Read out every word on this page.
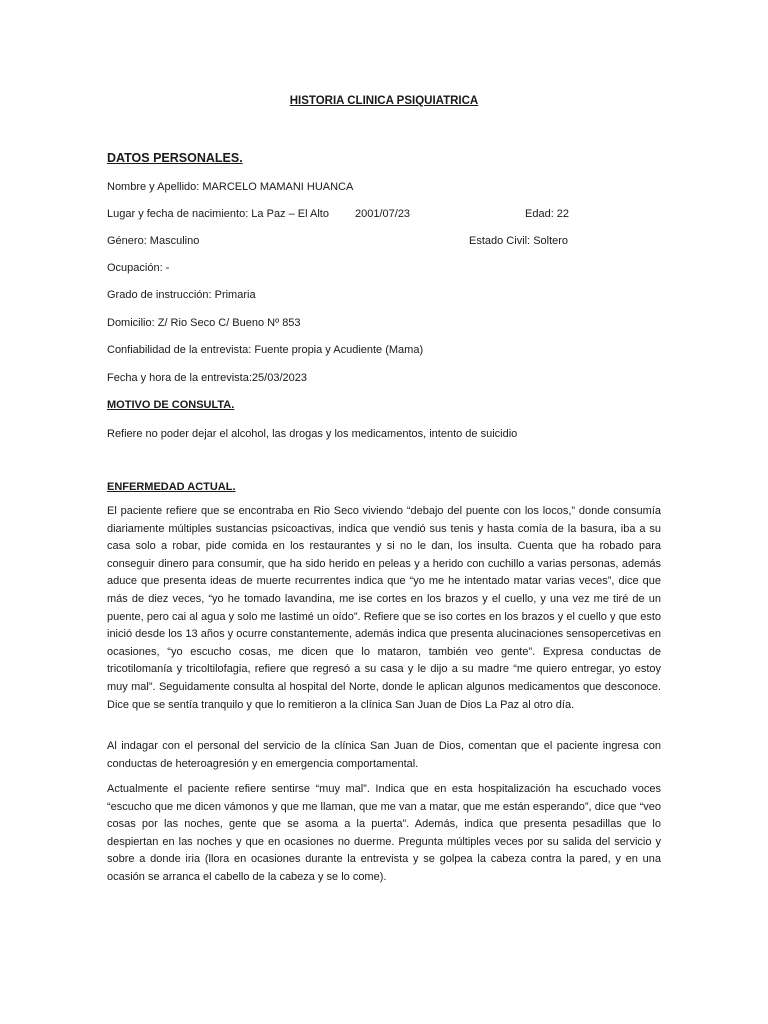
HISTORIA CLINICA PSIQUIATRICA
DATOS PERSONALES.
Nombre y Apellido: MARCELO MAMANI HUANCA
Lugar y fecha de nacimiento: La Paz – El Alto 2001/07/23	Edad: 22
Género: Masculino	Estado Civil: Soltero
Ocupación: -
Grado de instrucción: Primaria
Domicilio: Z/ Rio Seco C/ Bueno Nº 853
Confiabilidad de la entrevista: Fuente propia y Acudiente (Mama)
Fecha y hora de la entrevista:25/03/2023
MOTIVO DE CONSULTA.
Refiere no poder dejar el alcohol, las drogas y los medicamentos, intento de suicidio
ENFERMEDAD ACTUAL.

El paciente refiere que se encontraba en Rio Seco viviendo “debajo del puente con los locos,” donde consumía diariamente múltiples sustancias psicoactivas, indica que vendió sus tenis y hasta comía de la basura, iba a su casa solo a robar, pide comida en los restaurantes y si no le dan, los insulta. Cuenta que ha robado para conseguir dinero para consumir, que ha sido herido en peleas y a herido con cuchillo a varias personas, además aduce que presenta ideas de muerte recurrentes indica que “yo me he intentado matar varias veces”, dice que más de diez veces, “yo he tomado lavandina, me ise cortes en los brazos y el cuello, y una vez me tiré de un puente, pero cai al agua y solo me lastimé un oído”. Refiere que se iso cortes en los brazos y el cuello y que esto inició desde los 13 años y ocurre constantemente, además indica que presenta alucinaciones sensopercetivas en ocasiones, “yo escucho cosas, me dicen que lo mataron, también veo gente”. Expresa conductas de tricotilomanía y tricoltilofagia, refiere que regresó a su casa y le dijo a su madre “me quiero entregar, yo estoy muy mal”. Seguidamente consulta al hospital del Norte, donde le aplican algunos medicamentos que desconoce. Dice que se sentía tranquilo y que lo remitieron a la clínica San Juan de Dios La Paz al otro día.

Al indagar con el personal del servicio de la clínica San Juan de Dios, comentan que el paciente ingresa con conductas de heteroagresión y en emergencia comportamental.

Actualmente el paciente refiere sentirse “muy mal”. Indica que en esta hospitalización ha escuchado voces “escucho que me dicen vámonos y que me llaman, que me van a matar, que me están esperando”, dice que “veo cosas por las noches, gente que se asoma a la puerta”. Además, indica que presenta pesadillas que lo despiertan en las noches y que en ocasiones no duerme. Pregunta múltiples veces por su salida del servicio y sobre a donde iria (llora en ocasiones durante la entrevista y se golpea la cabeza contra la pared, y en una ocasión se arranca el cabello de la cabeza y se lo come).
